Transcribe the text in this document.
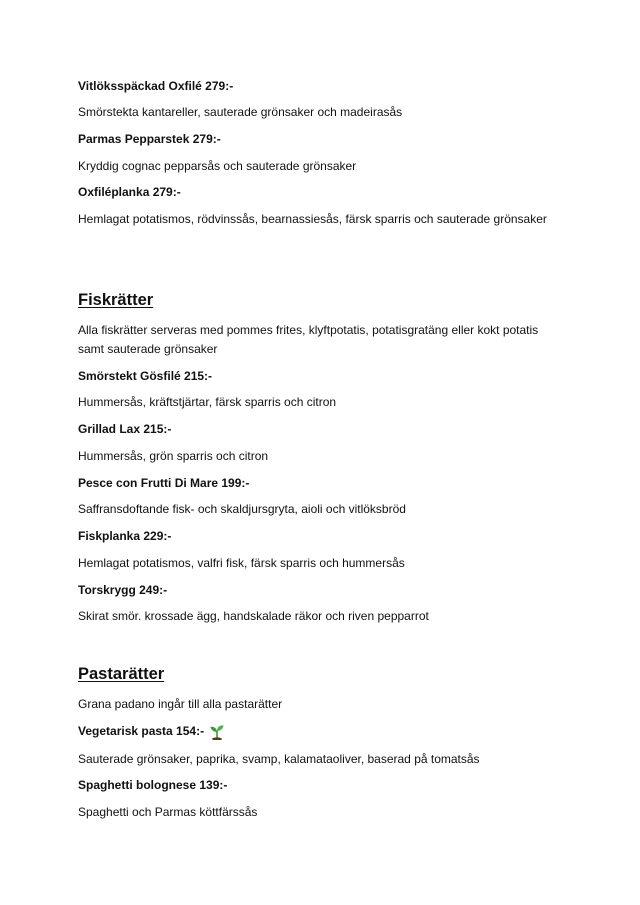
Vitlöksspäckad Oxfilé 279:-
Smörstekta kantareller, sauterade grönsaker och madeirasås
Parmas Pepparstek 279:-
Kryddig cognac pepparsås och sauterade grönsaker
Oxfiléplanka 279:-
Hemlagat potatismos, rödvinssås, bearnassiesås, färsk sparris och sauterade grönsaker
Fiskrätter
Alla fiskrätter serveras med pommes frites, klyftpotatis, potatisgratäng eller kokt potatis samt sauterade grönsaker
Smörstekt Gösfilé 215:-
Hummersås, kräftstjärtar, färsk sparris och citron
Grillad Lax 215:-
Hummersås, grön sparris och citron
Pesce con Frutti Di Mare 199:-
Saffransdoftande fisk- och skaldjursgryta, aioli och vitlöksbröd
Fiskplanka 229:-
Hemlagat potatismos, valfri fisk, färsk sparris och hummersås
Torskrygg 249:-
Skirat smör. krossade ägg, handskalade räkor och riven pepparrot
Pastarätter
Grana padano ingår till alla pastarätter
Vegetarisk pasta 154:-
Sauterade grönsaker, paprika, svamp, kalamataoliver, baserad på tomatsås
Spaghetti bolognese 139:-
Spaghetti och Parmas köttfärssås
